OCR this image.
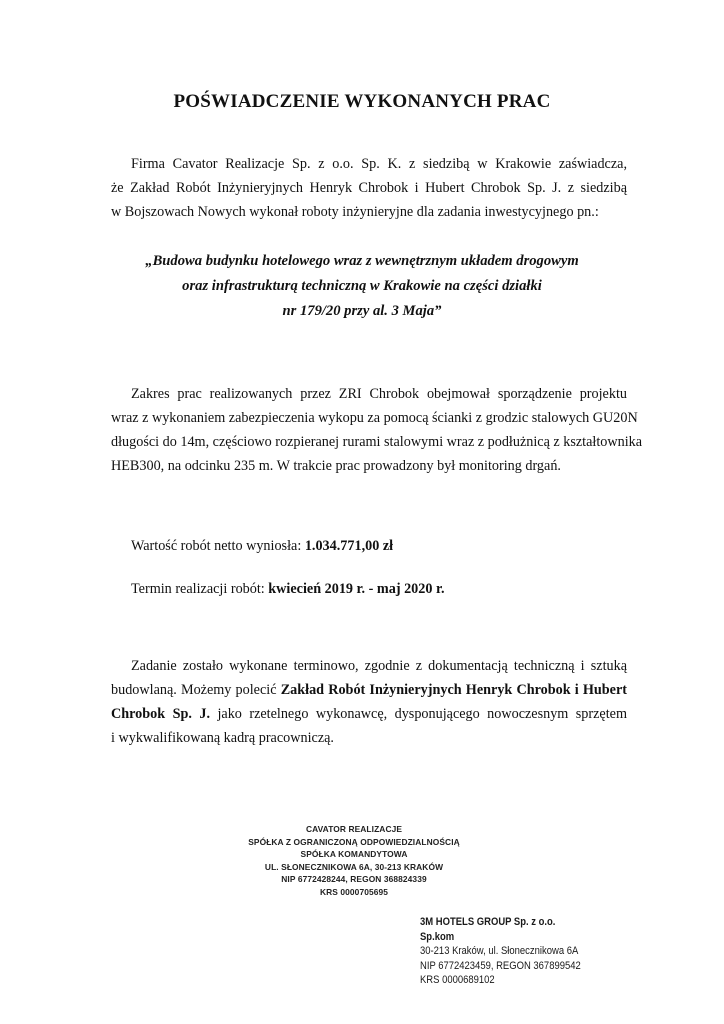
POŚWIADCZENIE WYKONANYCH PRAC
Firma Cavator Realizacje Sp. z o.o. Sp. K. z siedzibą w Krakowie zaświadcza,
że Zakład Robót Inżynieryjnych Henryk Chrobok i Hubert Chrobok Sp. J. z siedzibą
w Bojszowach Nowych wykonał roboty inżynieryjne dla zadania inwestycyjnego pn.:
„Budowa budynku hotelowego wraz z wewnętrznym układem drogowym
oraz infrastrukturą techniczną w Krakowie na części działki
nr 179/20 przy al. 3 Maja”
Zakres prac realizowanych przez ZRI Chrobok obejmował sporządzenie projektu
wraz z wykonaniem zabezpieczenia wykopu za pomocą ścianki z grodzic stalowych GU20N
długości do 14m, częściowo rozpieranej rurami stalowymi wraz z podłużnicą z kształtownika
HEB300, na odcinku 235 m. W trakcie prac prowadzony był monitoring drgań.
Wartość robót netto wyniosła: 1.034.771,00 zł
Termin realizacji robót: kwiecień 2019 r. - maj 2020 r.
Zadanie zostało wykonane terminowo, zgodnie z dokumentacją techniczną i sztuką
budowlaną. Możemy polecić Zakład Robót Inżynieryjnych Henryk Chrobok i Hubert
Chrobok Sp. J. jako rzetelnego wykonawcę, dysponującego nowoczesnym sprzętem
i wykwalifikowaną kadrą pracowniczą.
CAVATOR REALIZACJE
SPÓŁKA Z OGRANICZONĄ ODPOWIEDZIALNOŚCIĄ
SPÓŁKA KOMANDYTOWA
UL. SŁONECZNIKOWA 6A, 30-213 KRAKÓW
NIP 6772428244, REGON 368824339
KRS 0000705695
3M HOTELS GROUP Sp. z o.o. Sp.kom
30-213 Kraków, ul. Słonecznikowa 6A
NIP 6772423459, REGON 367899542
KRS 0000689102
